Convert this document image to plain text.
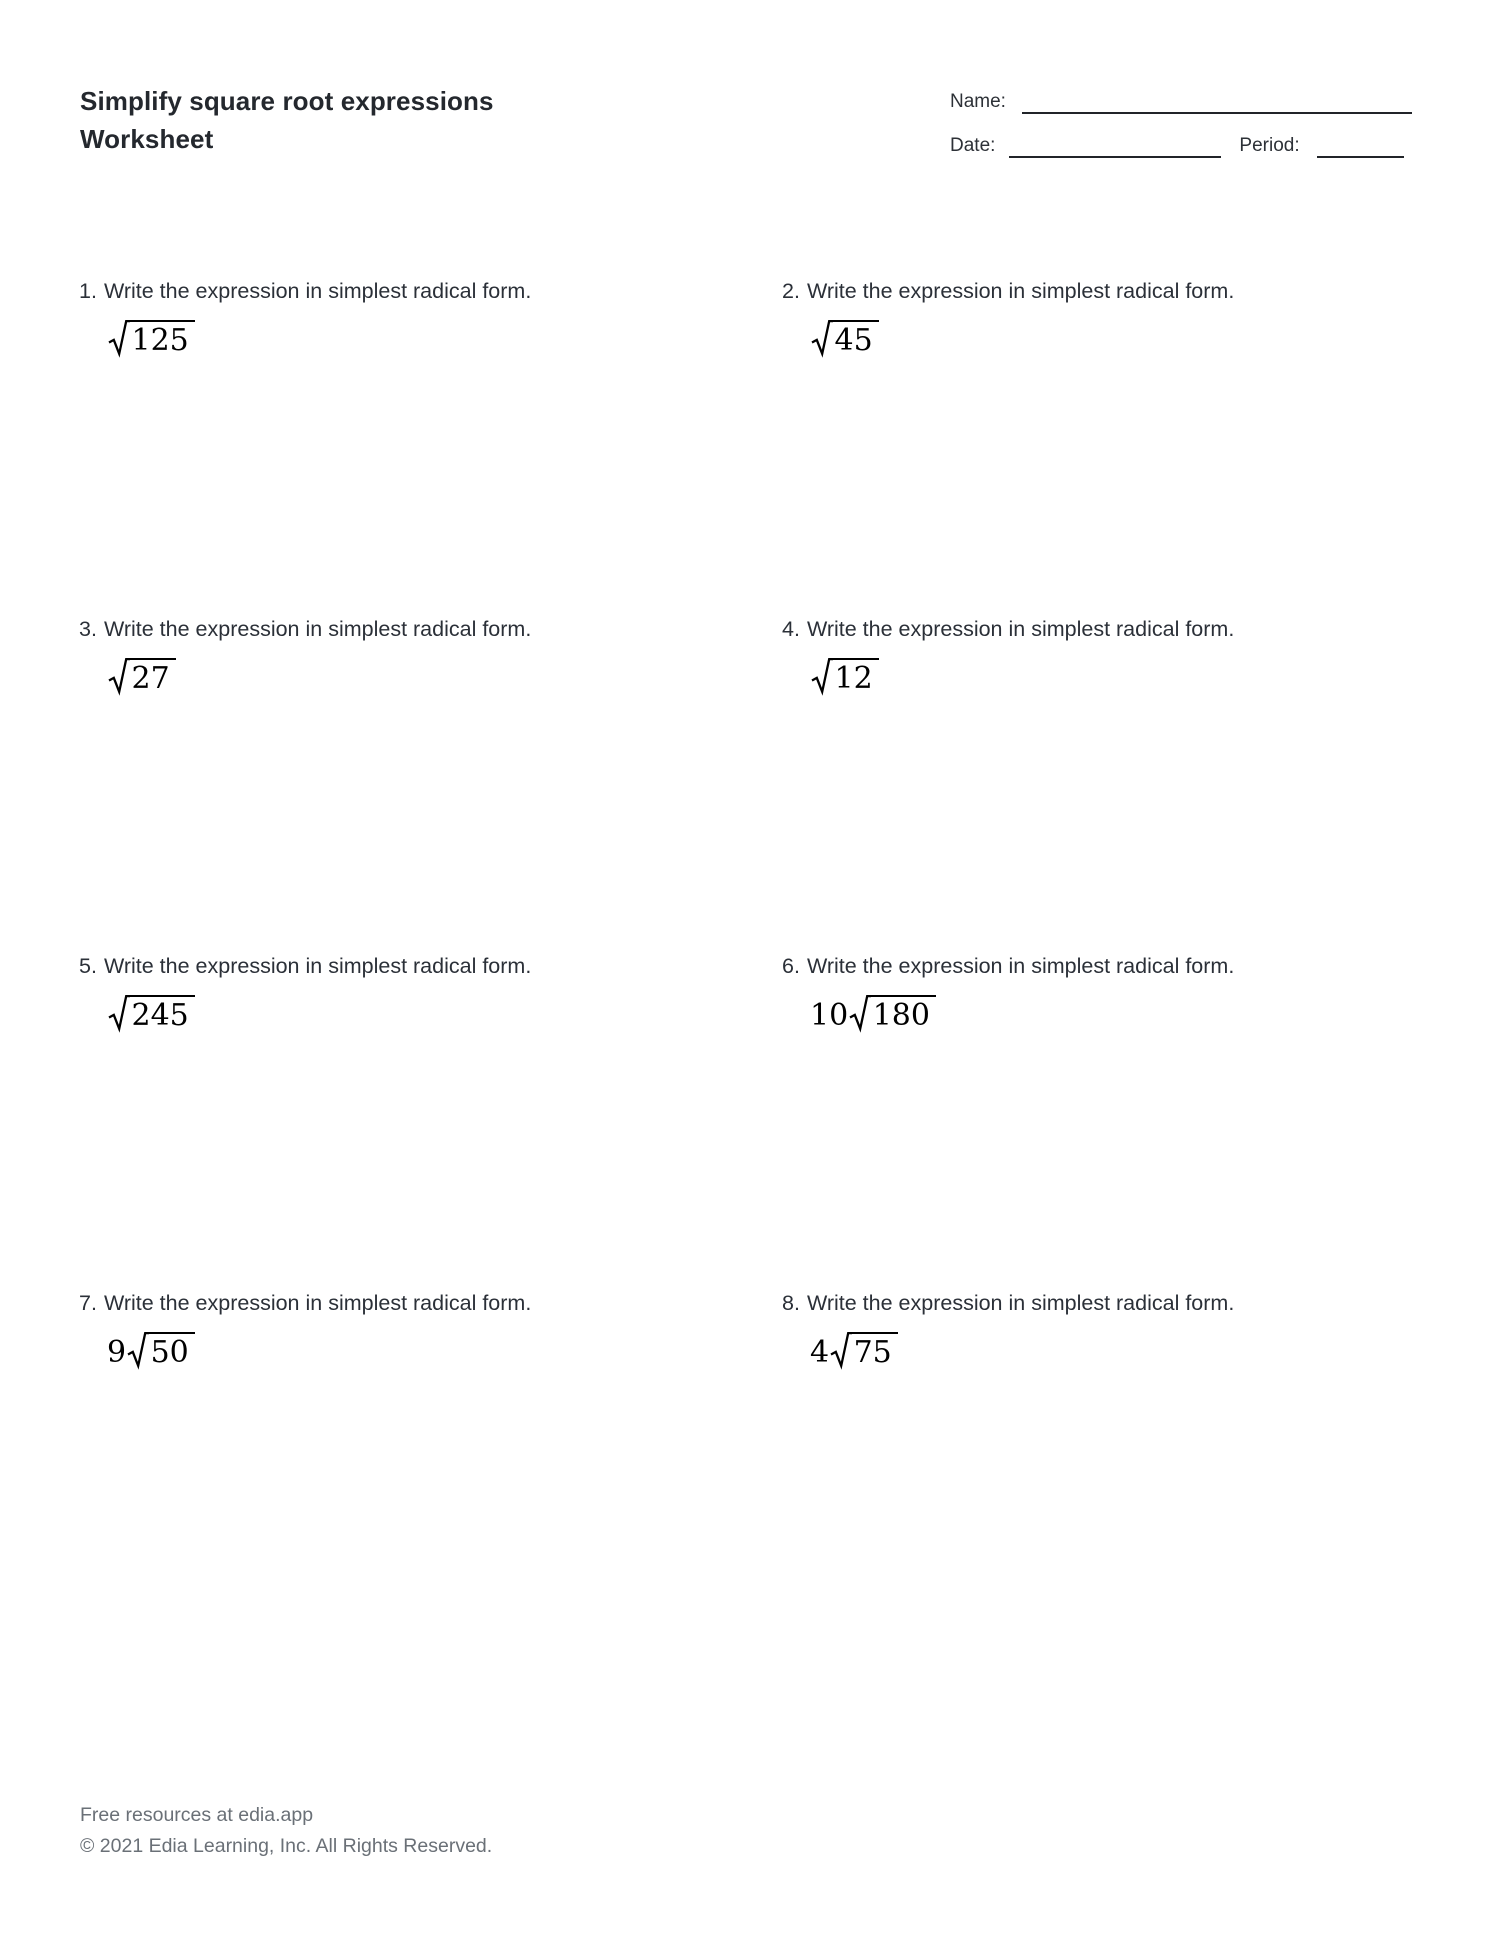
Simplify square root expressions
Worksheet
Name:
Date:	Period:
1. Write the expression in simplest radical form.
125
2. Write the expression in simplest radical form.
45
3. Write the expression in simplest radical form.
27
4. Write the expression in simplest radical form.
12
5. Write the expression in simplest radical form.
245
6. Write the expression in simplest radical form.
10 180
7. Write the expression in simplest radical form.
9 50
8. Write the expression in simplest radical form.
4 75
Free resources at edia.app
© 2021 Edia Learning, Inc. All Rights Reserved.
